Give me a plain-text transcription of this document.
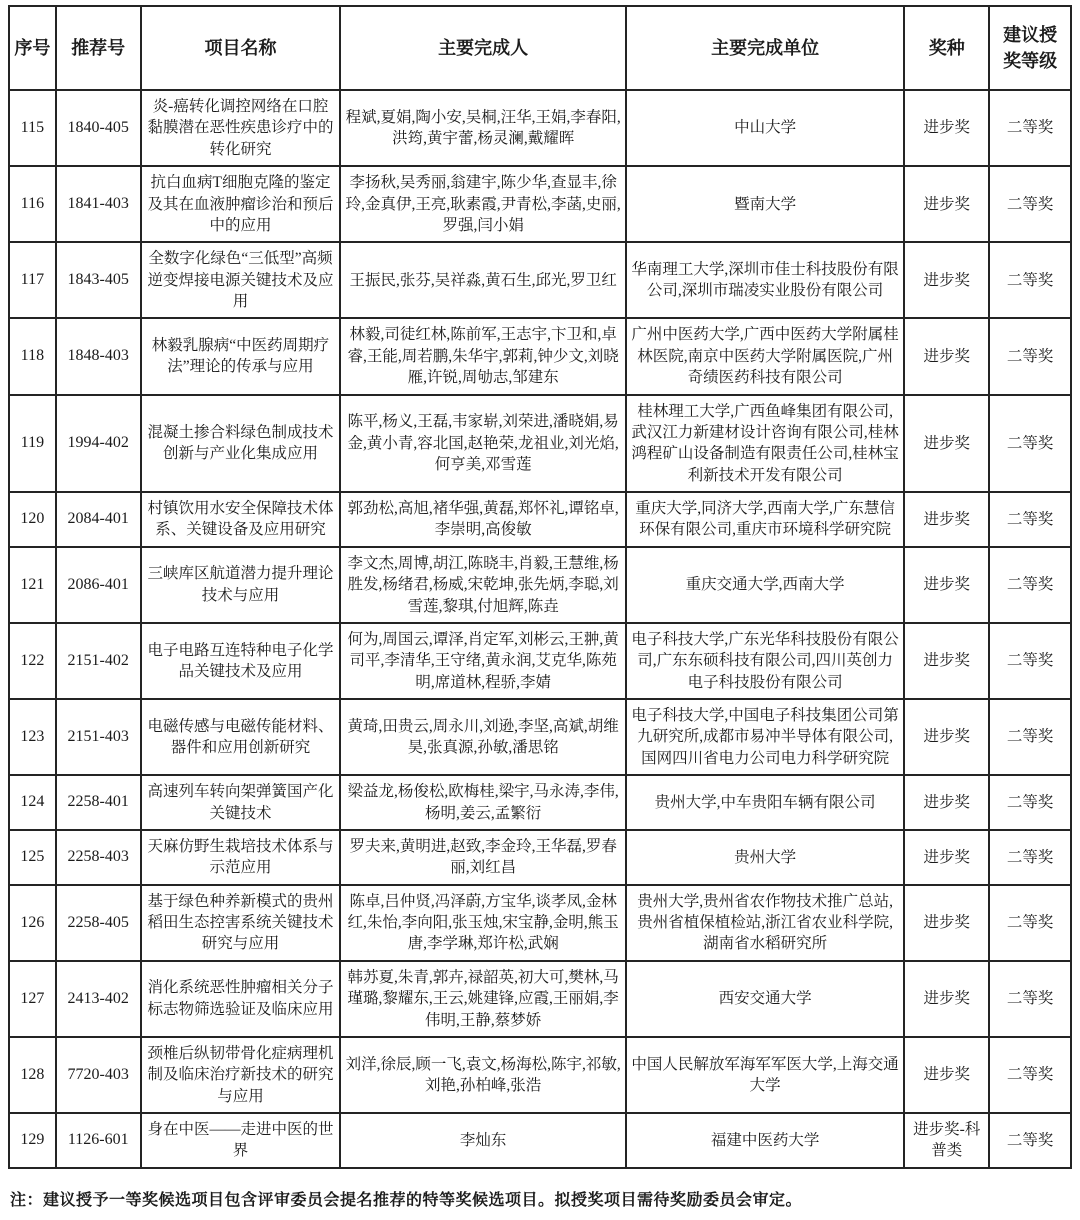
序号	推荐号	项目名称	主要完成人	主要完成单位	奖种	建议授奖等级
115	1840-405	炎-癌转化调控网络在口腔黏膜潜在恶性疾患诊疗中的转化研究	程斌,夏娟,陶小安,吴桐,汪华,王娟,李春阳,洪筠,黄宇蕾,杨灵澜,戴耀晖	中山大学	进步奖	二等奖
116	1841-403	抗白血病T细胞克隆的鉴定及其在血液肿瘤诊治和预后中的应用	李扬秋,吴秀丽,翁建宇,陈少华,查显丰,徐玲,金真伊,王亮,耿素霞,尹青松,李菡,史丽,罗强,闫小娟	暨南大学	进步奖	二等奖
117	1843-405	全数字化绿色“三低型”高频逆变焊接电源关键技术及应用	王振民,张芬,吴祥淼,黄石生,邱光,罗卫红	华南理工大学,深圳市佳士科技股份有限公司,深圳市瑞凌实业股份有限公司	进步奖	二等奖
118	1848-403	林毅乳腺病“中医药周期疗法”理论的传承与应用	林毅,司徒红林,陈前军,王志宇,卞卫和,卓睿,王能,周若鹏,朱华宇,郭莉,钟少文,刘晓雁,许锐,周劬志,邹建东	广州中医药大学,广西中医药大学附属桂林医院,南京中医药大学附属医院,广州奇绩医药科技有限公司	进步奖	二等奖
119	1994-402	混凝土掺合料绿色制成技术创新与产业化集成应用	陈平,杨义,王磊,韦家崭,刘荣进,潘晓娟,易金,黄小青,容北国,赵艳荣,龙祖业,刘光焰,何亨美,邓雪莲	桂林理工大学,广西鱼峰集团有限公司,武汉江力新建材设计咨询有限公司,桂林鸿程矿山设备制造有限责任公司,桂林宝利新技术开发有限公司	进步奖	二等奖
120	2084-401	村镇饮用水安全保障技术体系、关键设备及应用研究	郭劲松,高旭,褚华强,黄磊,郑怀礼,谭铭卓,李崇明,高俊敏	重庆大学,同济大学,西南大学,广东慧信环保有限公司,重庆市环境科学研究院	进步奖	二等奖
121	2086-401	三峡库区航道潜力提升理论技术与应用	李文杰,周博,胡江,陈晓丰,肖毅,王慧维,杨胜发,杨绪君,杨威,宋乾坤,张先炳,李聪,刘雪莲,黎琪,付旭辉,陈垚	重庆交通大学,西南大学	进步奖	二等奖
122	2151-402	电子电路互连特种电子化学品关键技术及应用	何为,周国云,谭泽,肖定军,刘彬云,王翀,黄司平,李清华,王守绪,黄永润,艾克华,陈苑明,席道林,程骄,李婧	电子科技大学,广东光华科技股份有限公司,广东东硕科技有限公司,四川英创力电子科技股份有限公司	进步奖	二等奖
123	2151-403	电磁传感与电磁传能材料、器件和应用创新研究	黄琦,田贵云,周永川,刘逊,李坚,高斌,胡维昊,张真源,孙敏,潘思铭	电子科技大学,中国电子科技集团公司第九研究所,成都市易冲半导体有限公司,国网四川省电力公司电力科学研究院	进步奖	二等奖
124	2258-401	高速列车转向架弹簧国产化关键技术	梁益龙,杨俊松,欧梅桂,梁宇,马永涛,李伟,杨明,姜云,孟繁衍	贵州大学,中车贵阳车辆有限公司	进步奖	二等奖
125	2258-403	天麻仿野生栽培技术体系与示范应用	罗夫来,黄明进,赵致,李金玲,王华磊,罗春丽,刘红昌	贵州大学	进步奖	二等奖
126	2258-405	基于绿色种养新模式的贵州稻田生态控害系统关键技术研究与应用	陈卓,吕仲贤,冯泽蔚,方宝华,谈孝凤,金林红,朱怡,李向阳,张玉烛,宋宝静,金明,熊玉唐,李学琳,郑许松,武娴	贵州大学,贵州省农作物技术推广总站,贵州省植保植检站,浙江省农业科学院,湖南省水稻研究所	进步奖	二等奖
127	2413-402	消化系统恶性肿瘤相关分子标志物筛选验证及临床应用	韩苏夏,朱青,郭卉,禄韶英,初大可,樊林,马瑾璐,黎耀东,王云,姚建锋,应霞,王丽娟,李伟明,王静,蔡梦娇	西安交通大学	进步奖	二等奖
128	7720-403	颈椎后纵韧带骨化症病理机制及临床治疗新技术的研究与应用	刘洋,徐辰,顾一飞,袁文,杨海松,陈宇,祁敏,刘艳,孙柏峰,张浩	中国人民解放军海军军医大学,上海交通大学	进步奖	二等奖
129	1126-601	身在中医——走进中医的世界	李灿东	福建中医药大学	进步奖-科普类	二等奖
注：建议授予一等奖候选项目包含评审委员会提名推荐的特等奖候选项目。拟授奖项目需待奖励委员会审定。
